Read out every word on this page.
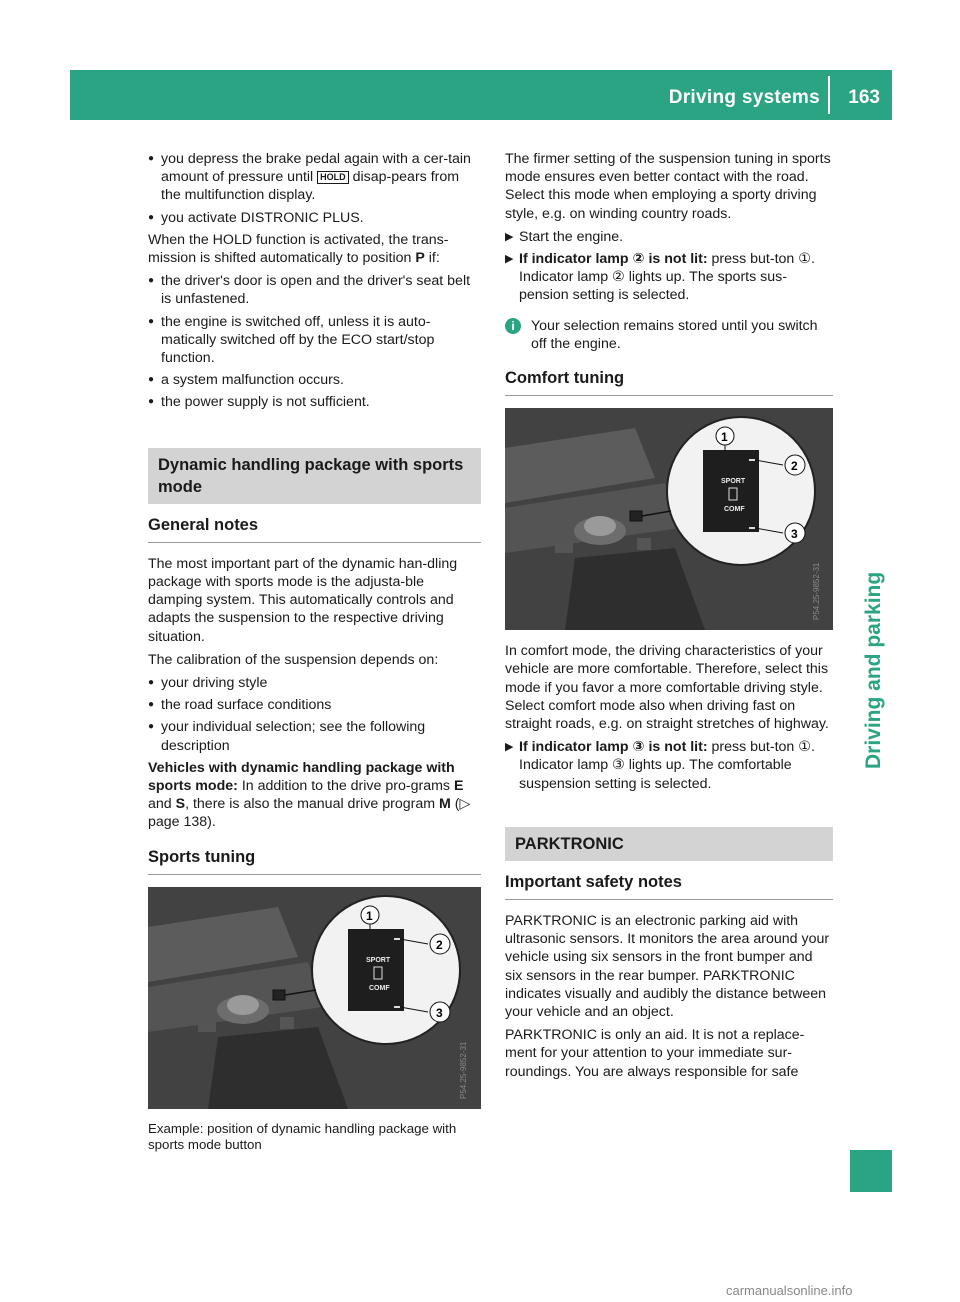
Driving systems 163
Driving and parking
● you depress the brake pedal again with a cer-tain amount of pressure until HOLD disap-pears from the multifunction display.
● you activate DISTRONIC PLUS.

When the HOLD function is activated, the trans-mission is shifted automatically to position P if:

● the driver's door is open and the driver's seat belt is unfastened.
● the engine is switched off, unless it is auto-matically switched off by the ECO start/stop function.
● a system malfunction occurs.
● the power supply is not sufficient.
Dynamic handling package with sports mode
General notes

The most important part of the dynamic han-dling package with sports mode is the adjusta-ble damping system. This automatically controls and adapts the suspension to the respective driving situation.

The calibration of the suspension depends on:

● your driving style
● the road surface conditions
● your individual selection; see the following description

Vehicles with dynamic handling package with sports mode: In addition to the drive pro-grams E and S, there is also the manual drive program M (▷ page 138).

Sports tuning
SPORT
COMF
1
2
3
P54.25-9852-31
Example: position of dynamic handling package with sports mode button

The firmer setting of the suspension tuning in sports mode ensures even better contact with the road. Select this mode when employing a sporty driving style, e.g. on winding country roads.

▶ Start the engine.
▶ If indicator lamp ② is not lit: press but-ton ①.
Indicator lamp ② lights up. The sports sus-pension setting is selected.
i	Your selection remains stored until you switch off the engine.
Comfort tuning
SPORT
COMF
1
2
3
P54.25-9852-31

In comfort mode, the driving characteristics of your vehicle are more comfortable. Therefore, select this mode if you favor a more comfortable driving style. Select comfort mode also when driving fast on straight roads, e.g. on straight stretches of highway.

▶ If indicator lamp ③ is not lit: press but-ton ①.
Indicator lamp ③ lights up. The comfortable suspension setting is selected.
PARKTRONIC
Important safety notes

PARKTRONIC is an electronic parking aid with ultrasonic sensors. It monitors the area around your vehicle using six sensors in the front bumper and six sensors in the rear bumper. PARKTRONIC indicates visually and audibly the distance between your vehicle and an object.

PARKTRONIC is only an aid. It is not a replace-ment for your attention to your immediate sur-roundings. You are always responsible for safe

carmanualsonline.info
